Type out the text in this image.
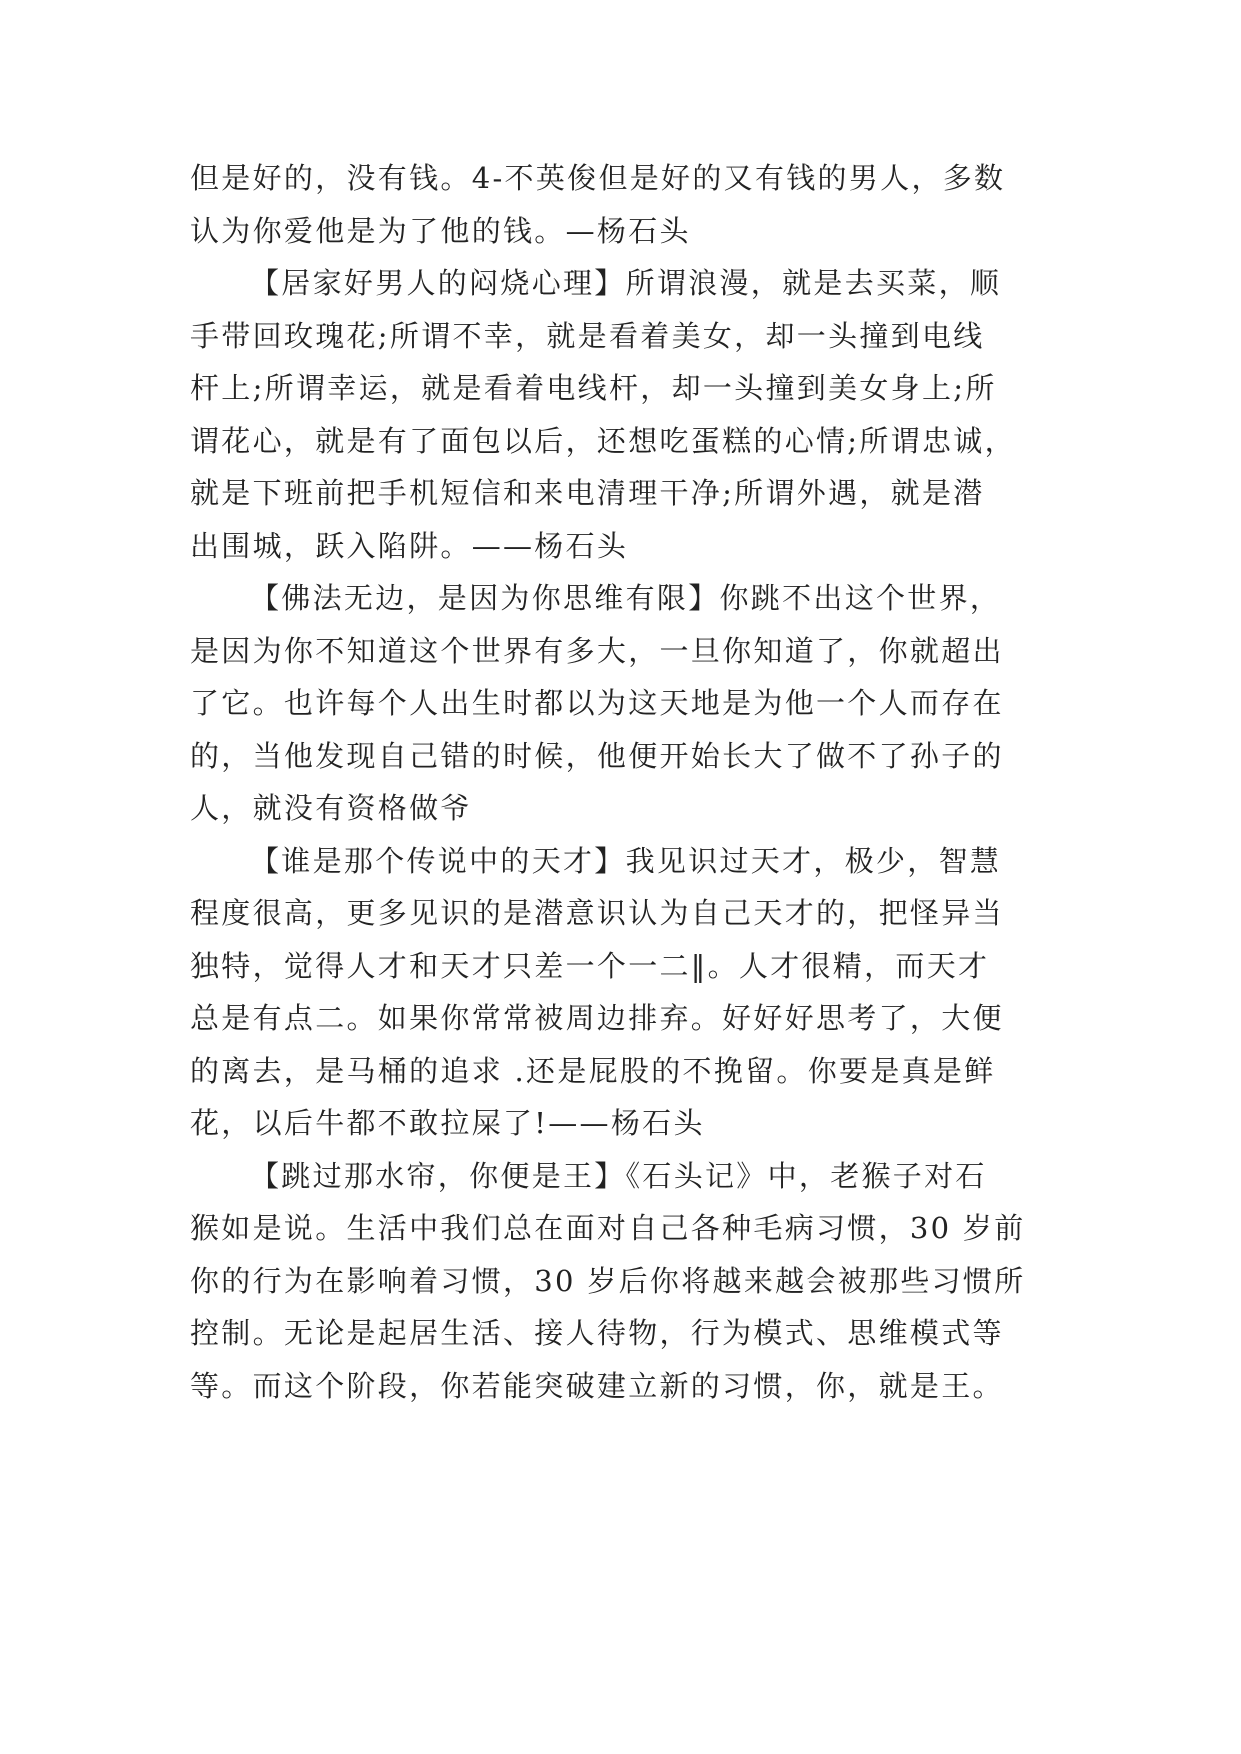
但是好的，没有钱。4-不英俊但是好的又有钱的男人，多数
认为你爱他是为了他的钱。—杨石头
【居家好男人的闷烧心理】所谓浪漫，就是去买菜，顺
手带回玫瑰花;所谓不幸，就是看着美女，却一头撞到电线
杆上;所谓幸运，就是看着电线杆，却一头撞到美女身上;所
谓花心，就是有了面包以后，还想吃蛋糕的心情;所谓忠诚，
就是下班前把手机短信和来电清理干净;所谓外遇，就是潜
出围城，跃入陷阱。——杨石头
【佛法无边，是因为你思维有限】你跳不出这个世界，
是因为你不知道这个世界有多大，一旦你知道了，你就超出
了它。也许每个人出生时都以为这天地是为他一个人而存在
的，当他发现自己错的时候，他便开始长大了做不了孙子的
人，就没有资格做爷
【谁是那个传说中的天才】我见识过天才，极少，智慧
程度很高，更多见识的是潜意识认为自己天才的，把怪异当
独特，觉得人才和天才只差一个一二‖。人才很精，而天才
总是有点二。如果你常常被周边排弃。好好好思考了，大便
的离去，是马桶的追求 .还是屁股的不挽留。你要是真是鲜
花，以后牛都不敢拉屎了!——杨石头
【跳过那水帘，你便是王】《石头记》中，老猴子对石
猴如是说。生活中我们总在面对自己各种毛病习惯，30 岁前
你的行为在影响着习惯，30 岁后你将越来越会被那些习惯所
控制。无论是起居生活、接人待物，行为模式、思维模式等
等。而这个阶段，你若能突破建立新的习惯，你，就是王。
